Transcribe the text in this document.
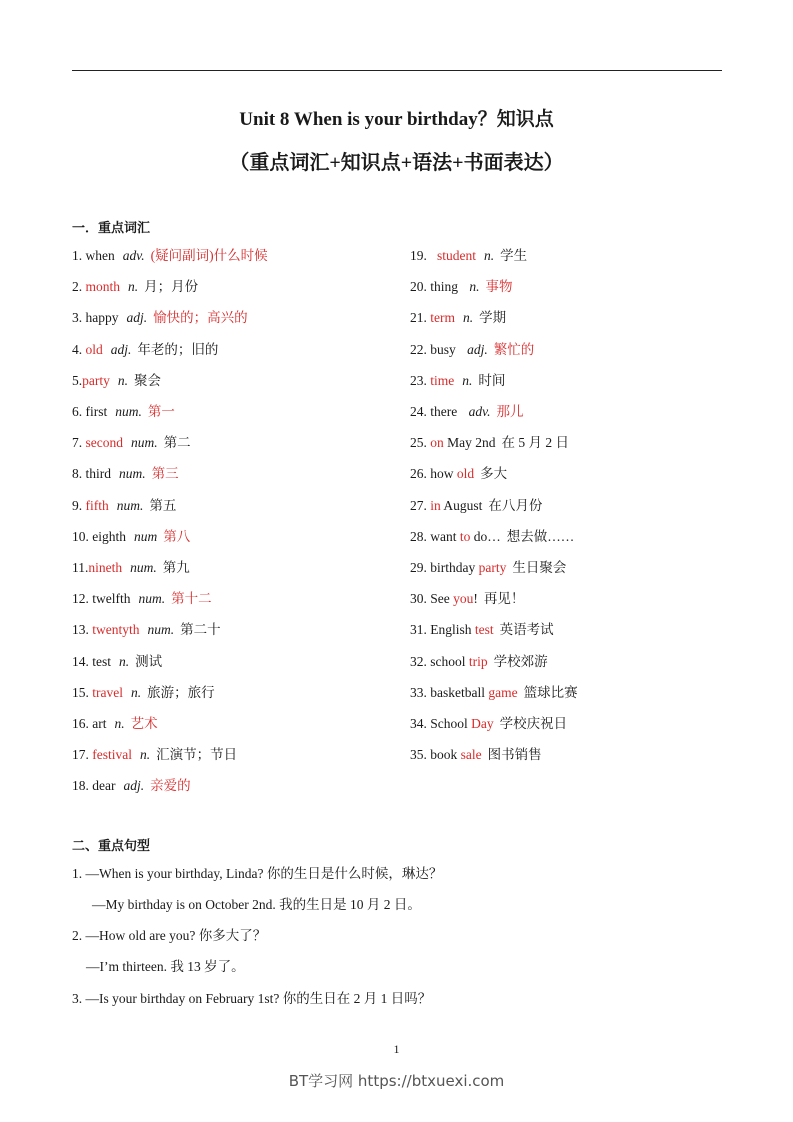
Unit 8 When is your birthday？知识点
（重点词汇+知识点+语法+书面表达）
一．重点词汇
1. when adv. (疑问副词)什么时候
2. month n. 月；月份
3. happy adj. 愉快的；高兴的
4. old adj. 年老的；旧的
5.party n. 聚会
6. first num. 第一
7. second num. 第二
8. third num. 第三
9. fifth num. 第五
10. eighth num 第八
11.nineth num. 第九
12. twelfth num. 第十二
13. twentyth num. 第二十
14. test n. 测试
15. travel n. 旅游；旅行
16. art n. 艺术
17. festival n. 汇演节；节日
18. dear adj. 亲爱的
19.   student n. 学生
20. thing n. 事物
21. term n. 学期
22. busy adj. 繁忙的
23. time n. 时间
24. there adv. 那儿
25. on May 2nd 在 5 月 2 日
26. how old 多大
27. in August 在八月份
28. want to do… 想去做……
29. birthday party 生日聚会
30. See you! 再见！
31. English test 英语考试
32. school trip 学校郊游
33. basketball game 篮球比赛
34. School Day 学校庆祝日
35. book sale 图书销售
二、重点句型
1. —When is your birthday, Linda? 你的生日是什么时候，琳达？
—My birthday is on October 2nd. 我的生日是 10 月 2 日。
2. —How old are you? 你多大了？
—I’m thirteen. 我 13 岁了。
3. —Is your birthday on February 1st? 你的生日在 2 月 1 日吗？
1
BT学习网 https://btxuexi.com
